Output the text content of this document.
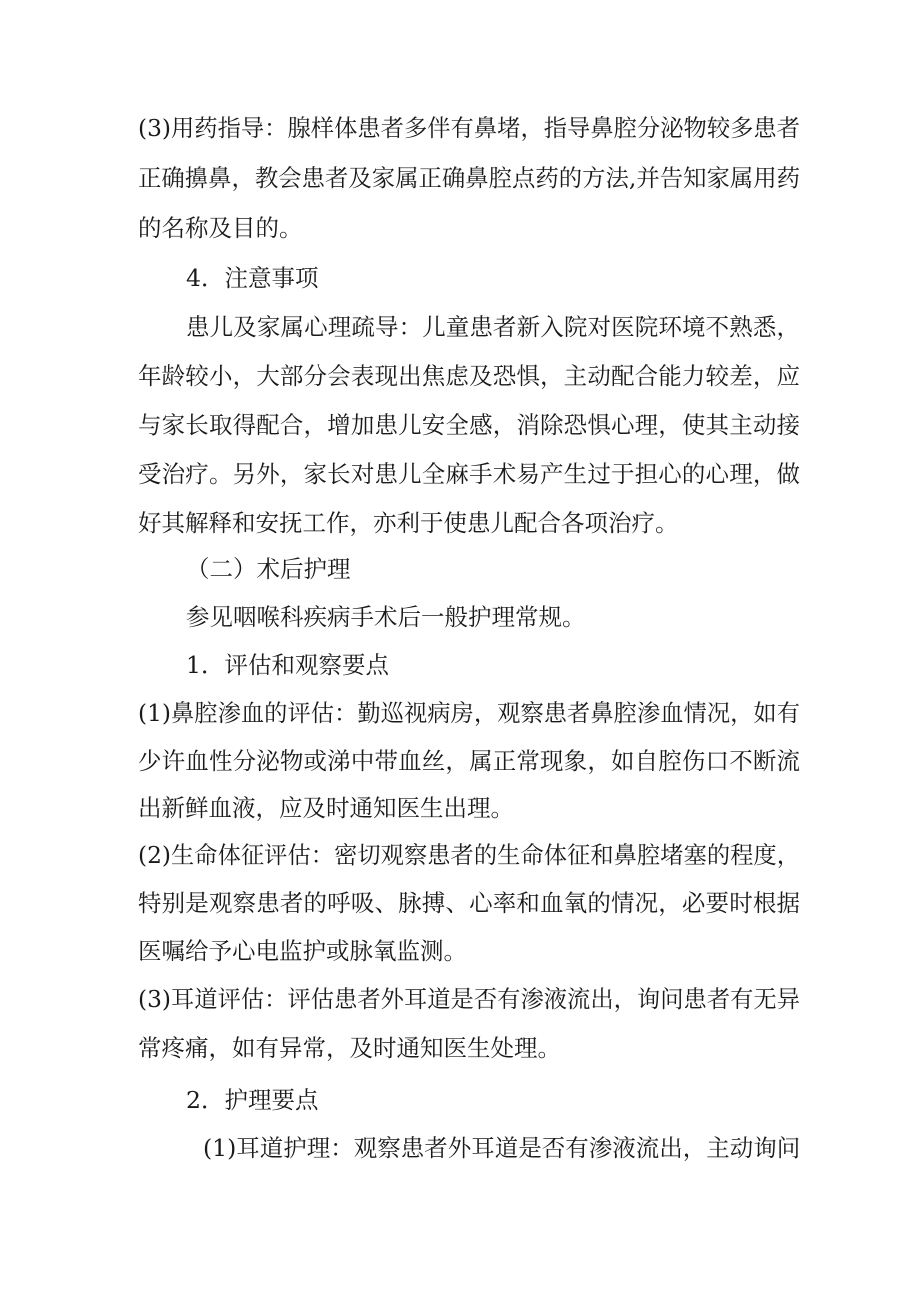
(3)用药指导：腺样体患者多伴有鼻堵，指导鼻腔分泌物较多患者

正确擤鼻，教会患者及家属正确鼻腔点药的方法,并告知家属用药

的名称及目的。

4．注意事项

患儿及家属心理疏导：儿童患者新入院对医院环境不熟悉，

年龄较小，大部分会表现出焦虑及恐惧，主动配合能力较差，应

与家长取得配合，增加患儿安全感，消除恐惧心理，使其主动接

受治疗。另外，家长对患儿全麻手术易产生过于担心的心理，做

好其解释和安抚工作，亦利于使患儿配合各项治疗。

（二）术后护理

参见咽喉科疾病手术后一般护理常规。

1．评估和观察要点

(1)鼻腔渗血的评估：勤巡视病房，观察患者鼻腔渗血情况，如有

少许血性分泌物或涕中带血丝，属正常现象，如自腔伤口不断流

出新鲜血液，应及时通知医生出理。

(2)生命体征评估：密切观察患者的生命体征和鼻腔堵塞的程度，

特别是观察患者的呼吸、脉搏、心率和血氧的情况，必要时根据

医嘱给予心电监护或脉氧监测。

(3)耳道评估：评估患者外耳道是否有渗液流出，询问患者有无异

常疼痛，如有异常，及时通知医生处理。

2．护理要点

(1)耳道护理：观察患者外耳道是否有渗液流出，主动询问
